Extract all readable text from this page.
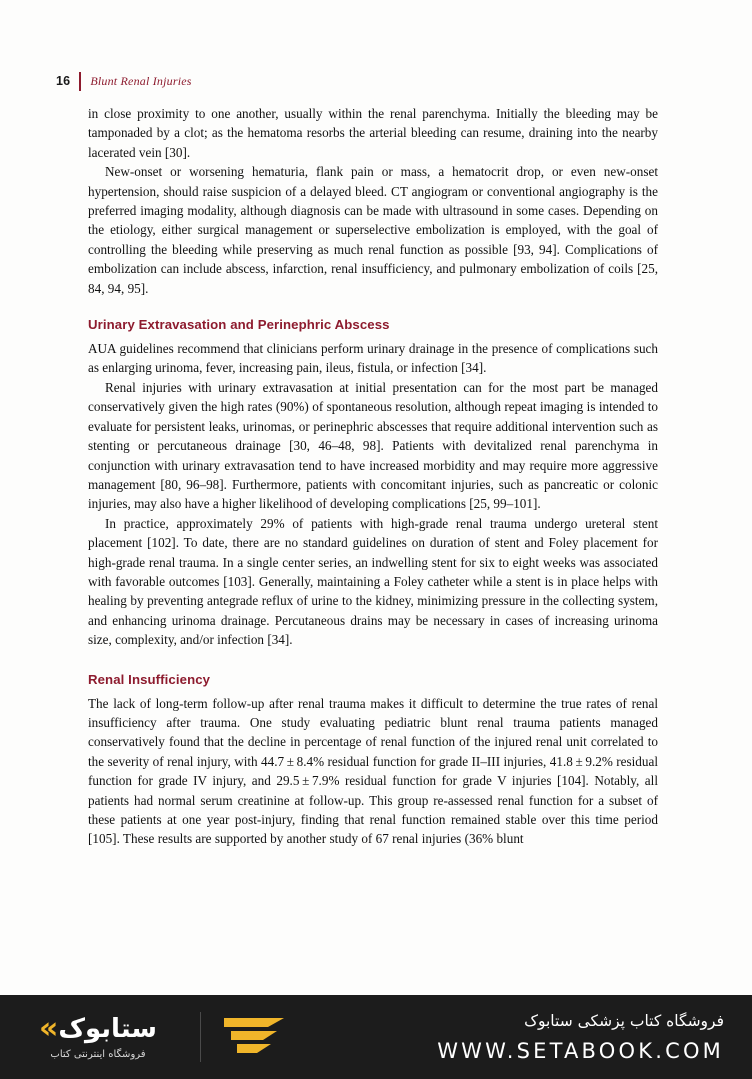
16	Blunt Renal Injuries

in close proximity to one another, usually within the renal parenchyma. Initially the bleeding may be tamponaded by a clot; as the hematoma resorbs the arterial bleeding can resume, draining into the nearby lacerated vein [30].

New-onset or worsening hematuria, flank pain or mass, a hematocrit drop, or even new-onset hypertension, should raise suspicion of a delayed bleed. CT angiogram or conventional angiography is the preferred imaging modality, although diagnosis can be made with ultrasound in some cases. Depending on the etiology, either surgical management or superselective embolization is employed, with the goal of controlling the bleeding while preserving as much renal function as possible [93, 94]. Complications of embolization can include abscess, infarction, renal insufficiency, and pulmonary embolization of coils [25, 84, 94, 95].

Urinary Extravasation and Perinephric Abscess

AUA guidelines recommend that clinicians perform urinary drainage in the presence of complications such as enlarging urinoma, fever, increasing pain, ileus, fistula, or infection [34].

Renal injuries with urinary extravasation at initial presentation can for the most part be managed conservatively given the high rates (90%) of spontaneous resolution, although repeat imaging is intended to evaluate for persistent leaks, urinomas, or perinephric abscesses that require additional intervention such as stenting or percutaneous drainage [30, 46–48, 98]. Patients with devitalized renal parenchyma in conjunction with urinary extravasation tend to have increased morbidity and may require more aggressive management [80, 96–98]. Furthermore, patients with concomitant injuries, such as pancreatic or colonic injuries, may also have a higher likelihood of developing complications [25, 99–101].

In practice, approximately 29% of patients with high-grade renal trauma undergo ureteral stent placement [102]. To date, there are no standard guidelines on duration of stent and Foley placement for high-grade renal trauma. In a single center series, an indwelling stent for six to eight weeks was associated with favorable outcomes [103]. Generally, maintaining a Foley catheter while a stent is in place helps with healing by preventing antegrade reflux of urine to the kidney, minimizing pressure in the collecting system, and enhancing urinoma drainage. Percutaneous drains may be necessary in cases of increasing urinoma size, complexity, and/or infection [34].

Renal Insufficiency

The lack of long-term follow-up after renal trauma makes it difficult to determine the true rates of renal insufficiency after trauma. One study evaluating pediatric blunt renal trauma patients managed conservatively found that the decline in percentage of renal function of the injured renal unit correlated to the severity of renal injury, with 44.7 ± 8.4% residual function for grade II–III injuries, 41.8 ± 9.2% residual function for grade IV injury, and 29.5 ± 7.9% residual function for grade V injuries [104]. Notably, all patients had normal serum creatinine at follow-up. This group re-assessed renal function for a subset of these patients at one year post-injury, finding that renal function remained stable over this time period [105]. These results are supported by another study of 67 renal injuries (36% blunt

« ستابوک
فروشگاه اینترنتی کتاب
فروشگاه کتاب پزشکی ستابوک
WWW.SETABOOK.COM
